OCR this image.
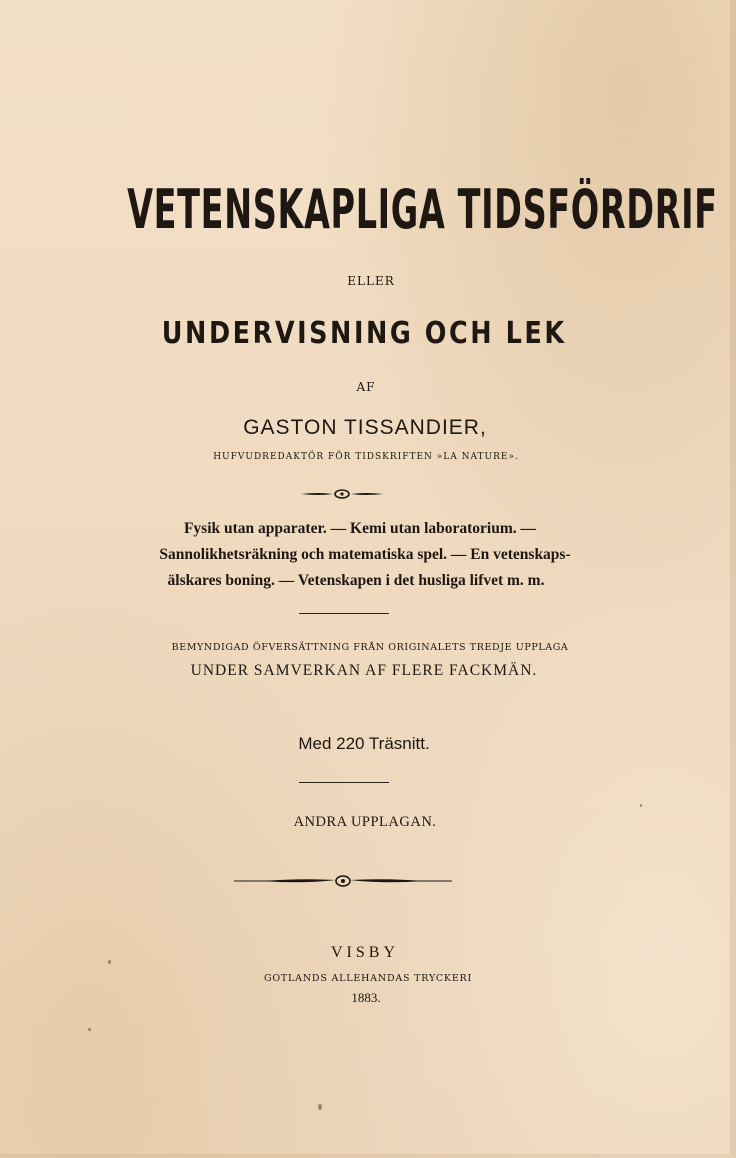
VETENSKAPLIGA TIDSFÖRDRIF
ELLER
UNDERVISNING OCH LEK
AF
GASTON TISSANDIER,
HUFVUDREDAKTÖR FÖR TIDSKRIFTEN »LA NATURE».
Fysik utan apparater. — Kemi utan laboratorium. —
Sannolikhetsräkning och matematiska spel. — En vetenskaps-
älskares boning. — Vetenskapen i det husliga lifvet m. m.
BEMYNDIGAD ÖFVERSÄTTNING FRÅN ORIGINALETS TREDJE UPPLAGA
UNDER SAMVERKAN AF FLERE FACKMÄN.
Med 220 Träsnitt.
ANDRA UPPLAGAN.
VISBY
GOTLANDS ALLEHANDAS TRYCKERI
1883.
